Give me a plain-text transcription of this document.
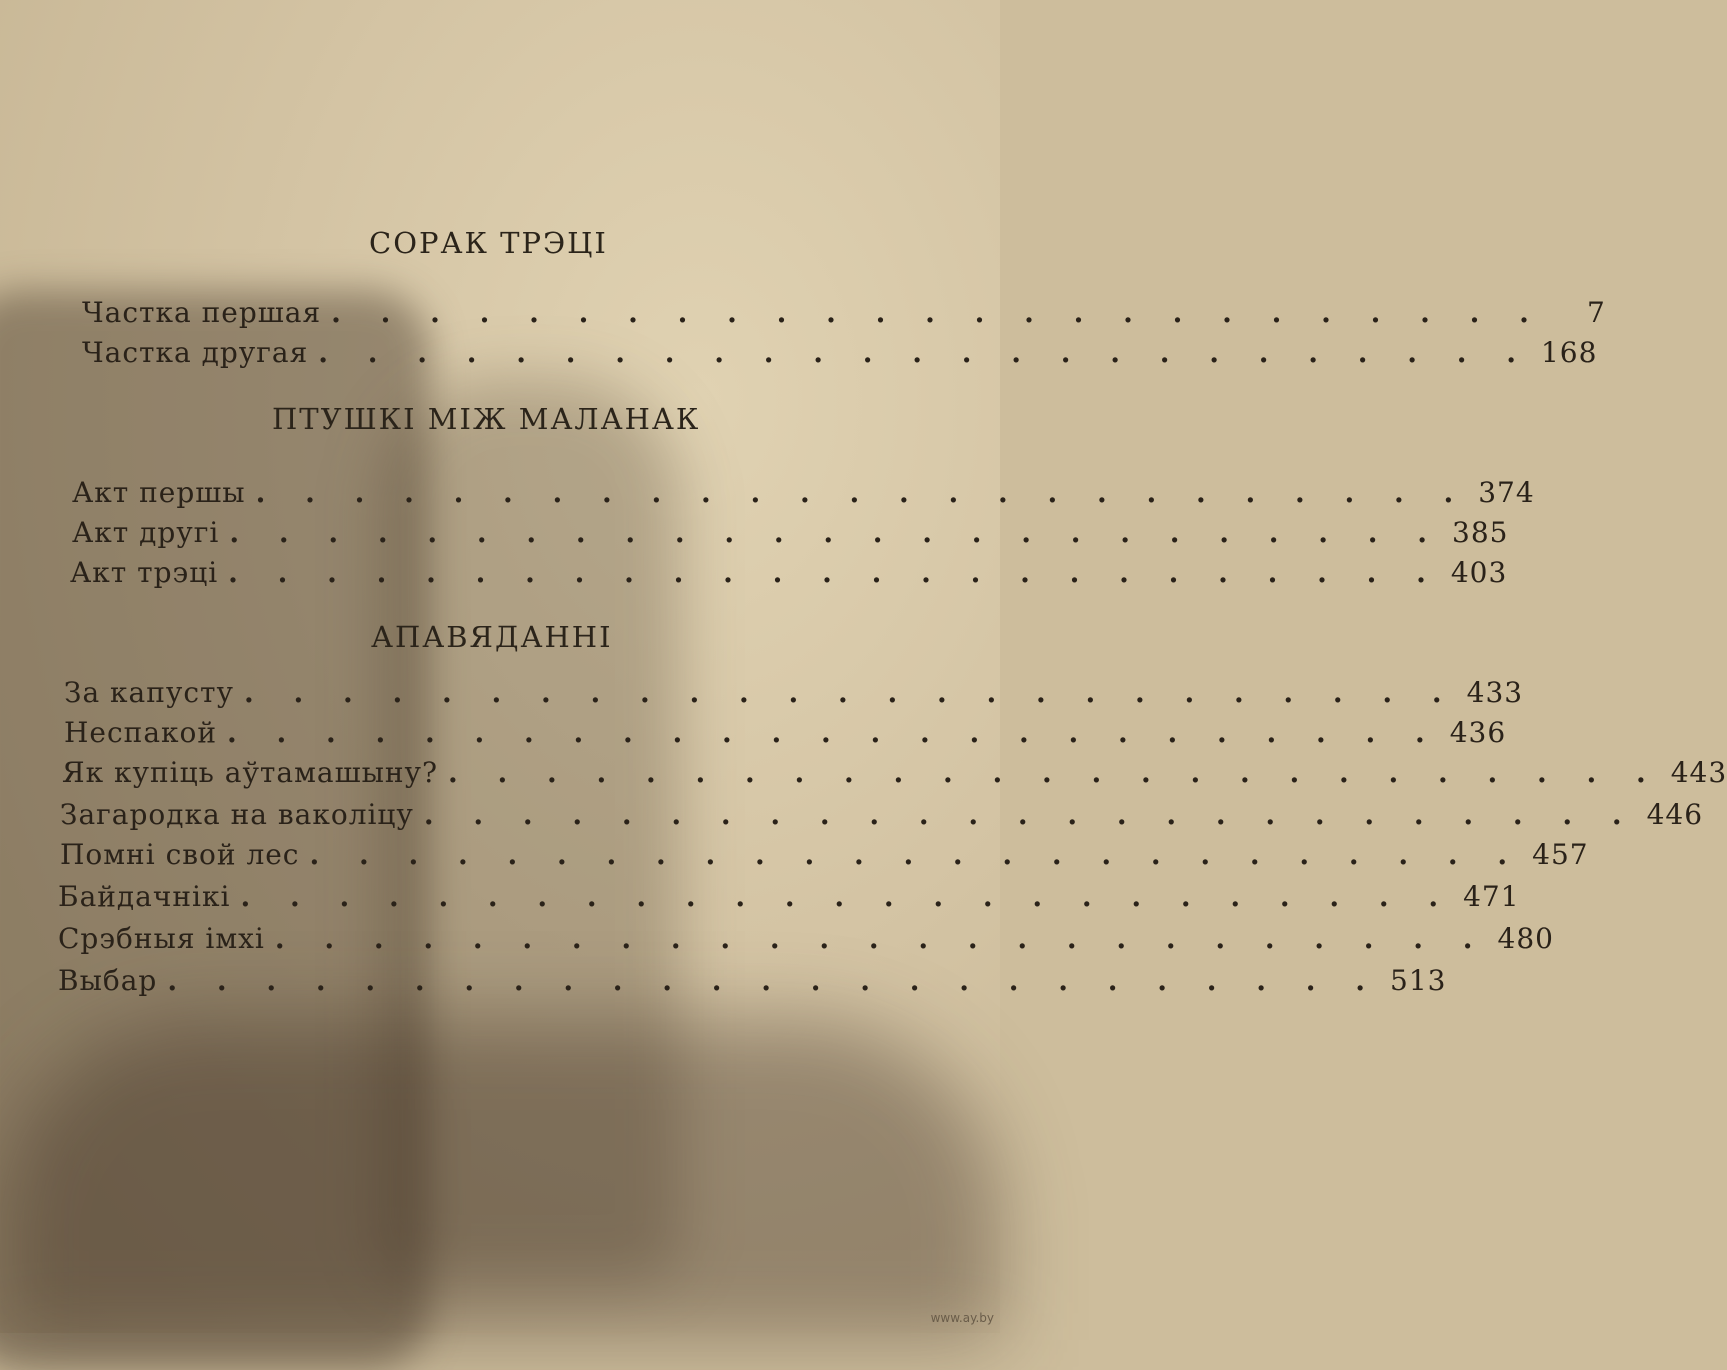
СОРАК ТРЭЦІ
Частка першая . . . . . . . . . . . . . . . . . . . . . . . . .	7
Частка другая . . . . . . . . . . . . . . . . . . . . . . . . . 168
ПТУШКІ МІЖ МАЛАНАК
Акт першы . . . . . . . . . . . . . . . . . . . . . . . . . 374
Акт другі . . . . . . . . . . . . . . . . . . . . . . . . . 385
Акт трэці . . . . . . . . . . . . . . . . . . . . . . . . . 403
АПАВЯДАННІ
За капусту . . . . . . . . . . . . . . . . . . . . . . . . . 433
Неспакой . . . . . . . . . . . . . . . . . . . . . . . . . 436
Як купіць аўтамашыну? . . . . . . . . . . . . . . . . . . . . . . . . . 443
Загародка на ваколіцу . . . . . . . . . . . . . . . . . . . . . . . . . 446
Помні свой лес . . . . . . . . . . . . . . . . . . . . . . . . . 457
Байдачнікі . . . . . . . . . . . . . . . . . . . . . . . . . 471
Срэбныя імхі . . . . . . . . . . . . . . . . . . . . . . . . . 480
Выбар . . . . . . . . . . . . . . . . . . . . . . . . . 513
www.ay.by
